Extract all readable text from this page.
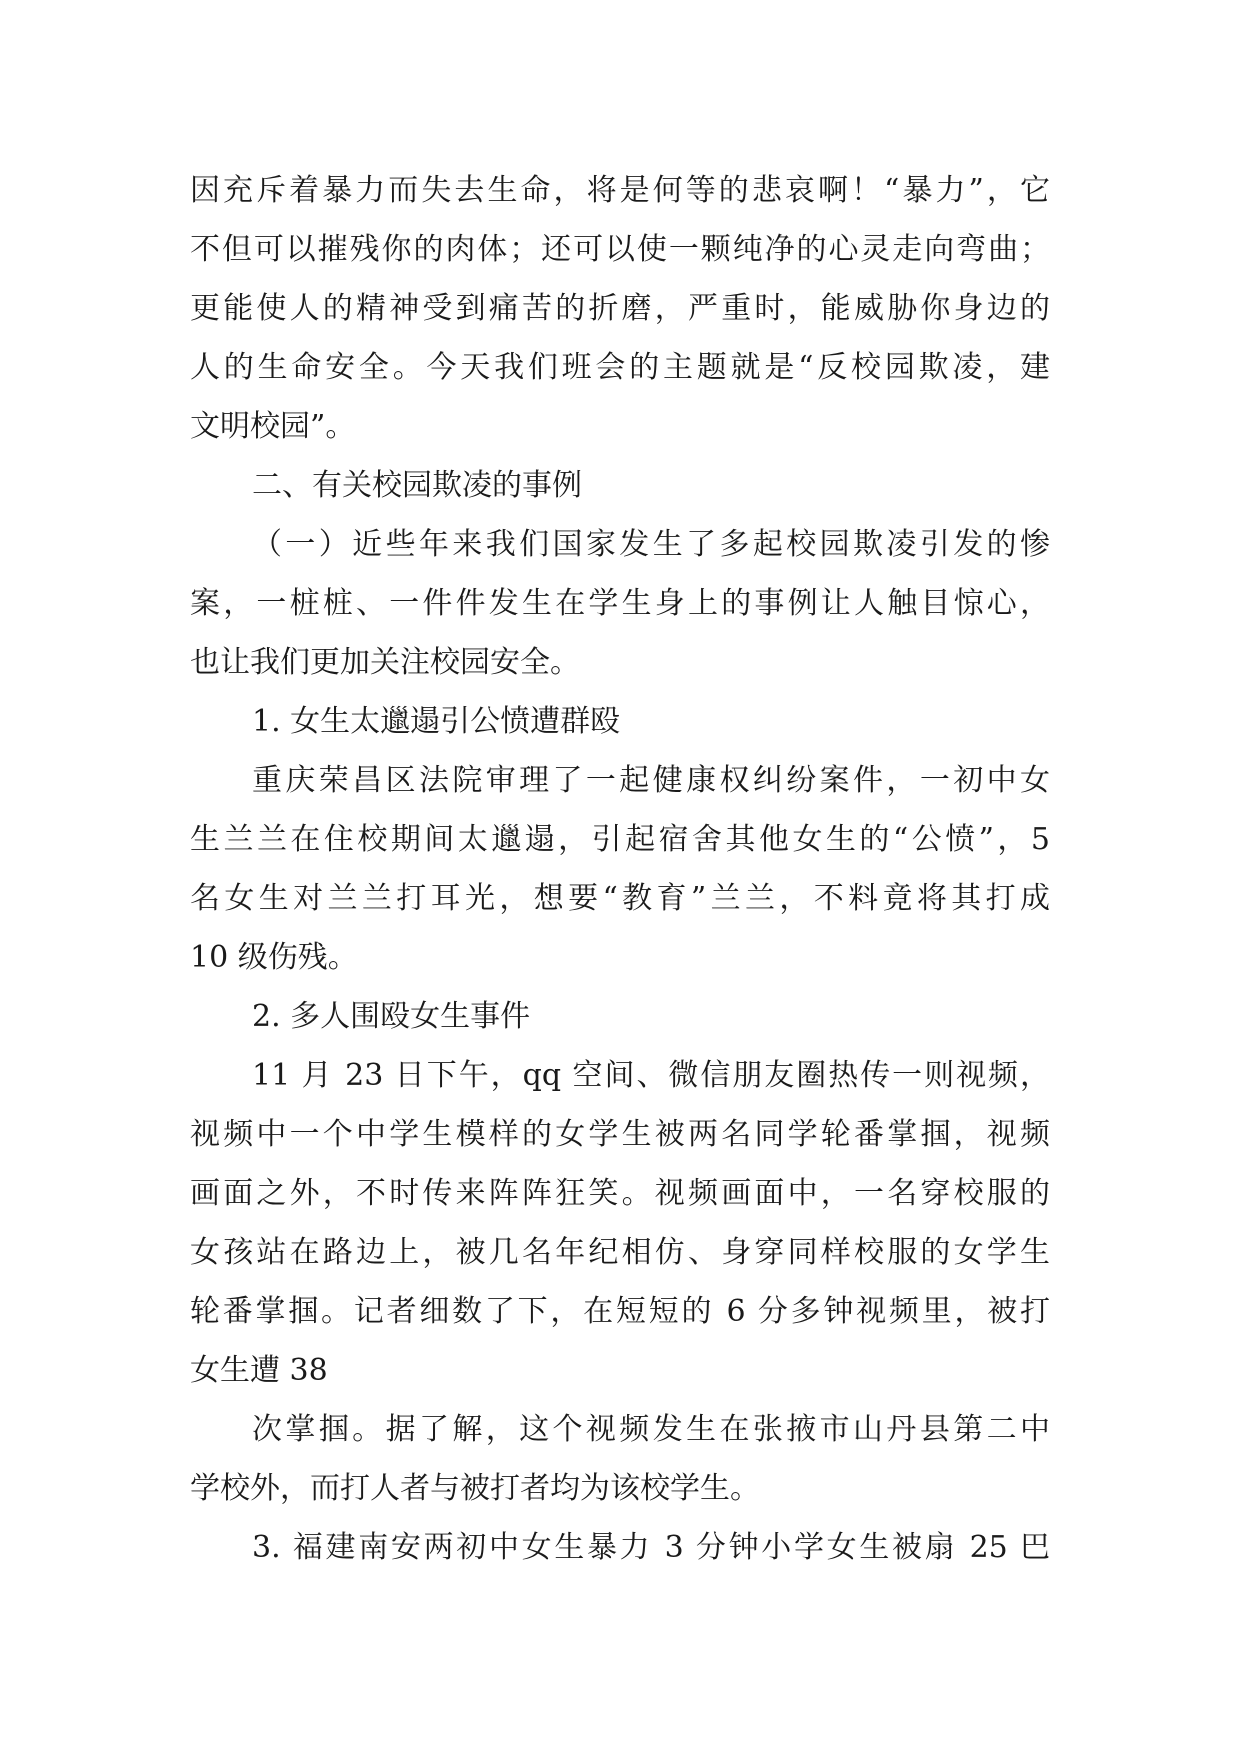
因充斥着暴力而失去生命，将是何等的悲哀啊！“暴力”，它
不但可以摧残你的肉体；还可以使一颗纯净的心灵走向弯曲；
更能使人的精神受到痛苦的折磨，严重时，能威胁你身边的
人的生命安全。今天我们班会的主题就是“反校园欺凌，建
文明校园”。
二、有关校园欺凌的事例
（一）近些年来我们国家发生了多起校园欺凌引发的惨
案，一桩桩、一件件发生在学生身上的事例让人触目惊心，
也让我们更加关注校园安全。
1. 女生太邋遢引公愤遭群殴
重庆荣昌区法院审理了一起健康权纠纷案件，一初中女
生兰兰在住校期间太邋遢，引起宿舍其他女生的“公愤”，5
名女生对兰兰打耳光，想要“教育”兰兰，不料竟将其打成
10 级伤残。
2. 多人围殴女生事件
11 月 23 日下午，qq 空间、微信朋友圈热传一则视频，
视频中一个中学生模样的女学生被两名同学轮番掌掴，视频
画面之外，不时传来阵阵狂笑。视频画面中，一名穿校服的
女孩站在路边上，被几名年纪相仿、身穿同样校服的女学生
轮番掌掴。记者细数了下，在短短的 6 分多钟视频里，被打
女生遭 38
次掌掴。据了解，这个视频发生在张掖市山丹县第二中
学校外，而打人者与被打者均为该校学生。
3. 福建南安两初中女生暴力 3 分钟小学女生被扇 25 巴
